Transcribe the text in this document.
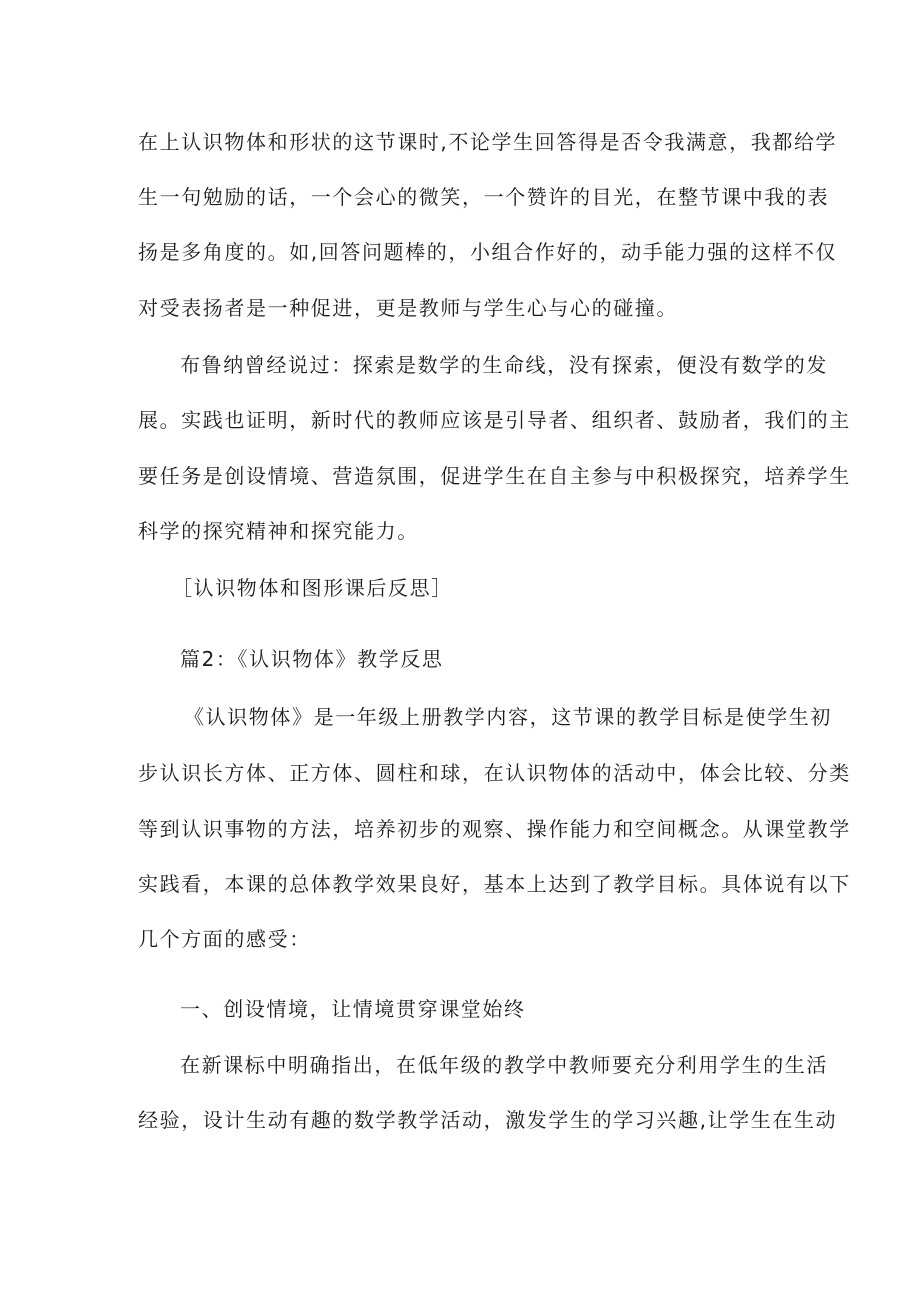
在上认识物体和形状的这节课时,不论学生回答得是否令我满意，我都给学
生一句勉励的话，一个会心的微笑，一个赞许的目光，在整节课中我的表
扬是多角度的。如,回答问题棒的，小组合作好的，动手能力强的这样不仅
对受表扬者是一种促进，更是教师与学生心与心的碰撞。
布鲁纳曾经说过：探索是数学的生命线，没有探索，便没有数学的发
展。实践也证明，新时代的教师应该是引导者、组织者、鼓励者，我们的主
要任务是创设情境、营造氛围，促进学生在自主参与中积极探究，培养学生
科学的探究精神和探究能力。
［认识物体和图形课后反思］
篇2：《认识物体》教学反思
《认识物体》是一年级上册教学内容，这节课的教学目标是使学生初
步认识长方体、正方体、圆柱和球，在认识物体的活动中，体会比较、分类
等到认识事物的方法，培养初步的观察、操作能力和空间概念。从课堂教学
实践看，本课的总体教学效果良好，基本上达到了教学目标。具体说有以下
几个方面的感受：
一、创设情境，让情境贯穿课堂始终
在新课标中明确指出，在低年级的教学中教师要充分利用学生的生活
经验，设计生动有趣的数学教学活动，激发学生的学习兴趣,让学生在生动
